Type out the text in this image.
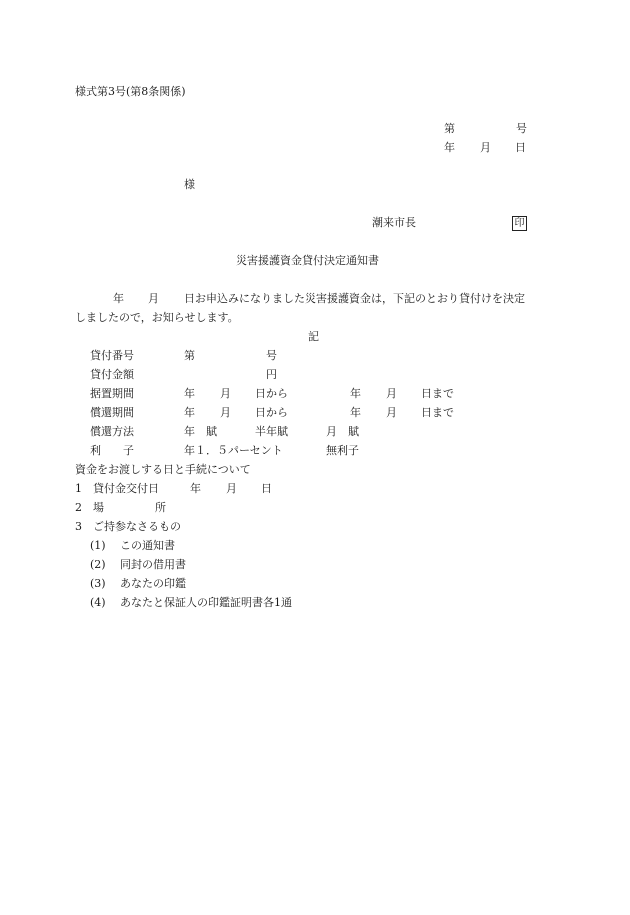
様式第3号(第8条関係)
第	号
年 月 日
様
潮来市長	印
災害援護資金貸付決定通知書
年 月 日お申込みになりました災害援護資金は，下記のとおり貸付けを決定
しましたので，お知らせします。
記
貸付番号	第	号
貸付金額	円
据置期間	年 月 日から	年 月 日まで
償還期間	年 月 日から	年 月 日まで
償還方法	年　賦	半年賦	月　賦
利　　子	年１．５パーセント	無利子
資金をお渡しする日と手続について
1　貸付金交付日	年 月 日
2　場	所
3　ご持参なさるもの
(1) この通知書
(2) 同封の借用書
(3) あなたの印鑑
(4) あなたと保証人の印鑑証明書各1通
